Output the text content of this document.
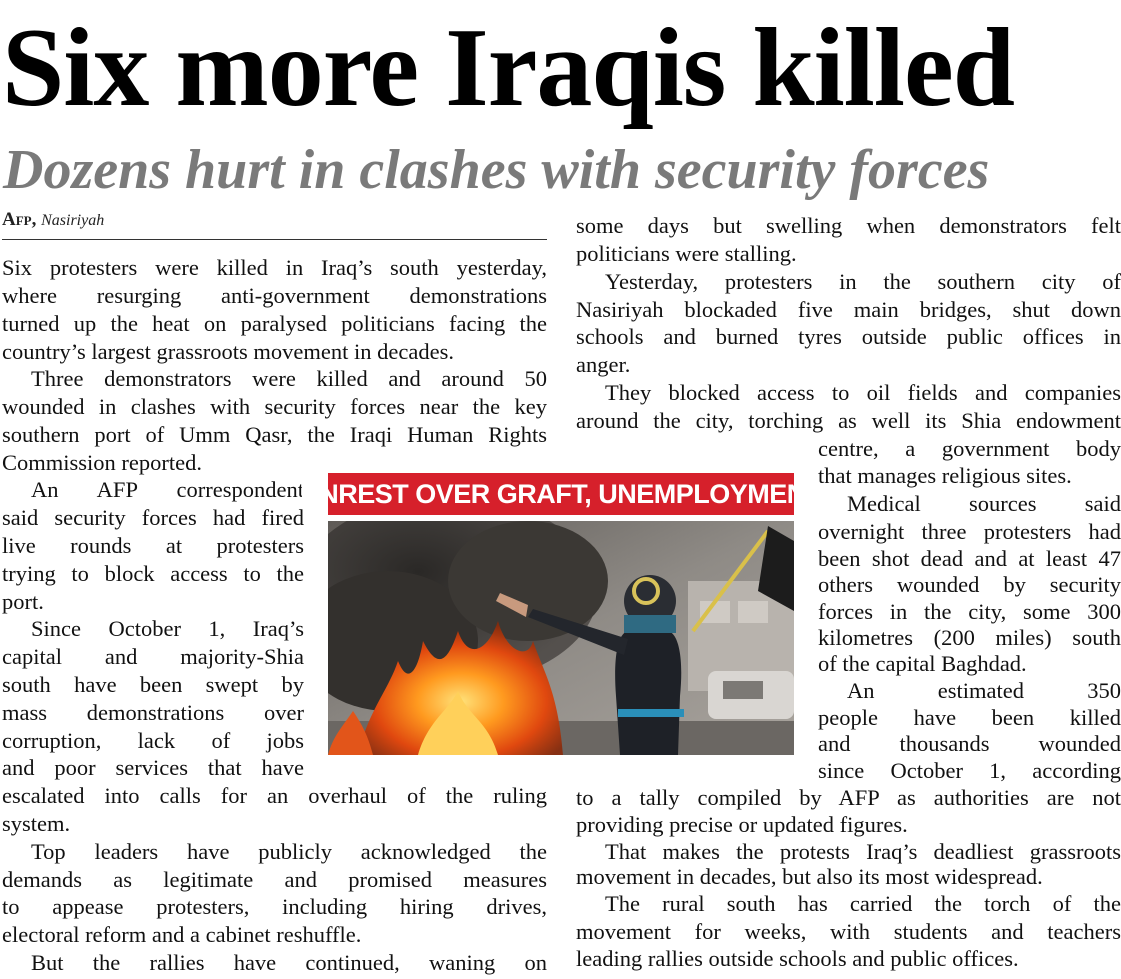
Six more Iraqis killed
Dozens hurt in clashes with security forces
Afp, Nasiriyah
Six protesters were killed in Iraq’s south yesterday,
where resurging anti-government demonstrations
turned up the heat on paralysed politicians facing the
country’s largest grassroots movement in decades.
Three demonstrators were killed and around 50
wounded in clashes with security forces near the key
southern port of Umm Qasr, the Iraqi Human Rights
Commission reported.
An AFP correspondent
said security forces had fired
live rounds at protesters
trying to block access to the
port.
Since October 1, Iraq’s
capital and majority-Shia
south have been swept by
mass demonstrations over
corruption, lack of jobs
and poor services that have
escalated into calls for an overhaul of the ruling
system.
Top leaders have publicly acknowledged the
demands as legitimate and promised measures
to appease protesters, including hiring drives,
electoral reform and a cabinet reshuffle.
But the rallies have continued, waning on
some days but swelling when demonstrators felt
politicians were stalling.
Yesterday, protesters in the southern city of
Nasiriyah blockaded five main bridges, shut down
schools and burned tyres outside public offices in
anger.
They blocked access to oil fields and companies
around the city, torching as well its Shia endowment
centre, a government body
that manages religious sites.
Medical sources said
overnight three protesters had
been shot dead and at least 47
others wounded by security
forces in the city, some 300
kilometres (200 miles) south
of the capital Baghdad.
An estimated 350
people have been killed
and thousands wounded
since October 1, according
to a tally compiled by AFP as authorities are not
providing precise or updated figures.
That makes the protests Iraq’s deadliest grassroots
movement in decades, but also its most widespread.
The rural south has carried the torch of the
movement for weeks, with students and teachers
leading rallies outside schools and public offices.
UNREST OVER GRAFT, UNEMPLOYMENT
